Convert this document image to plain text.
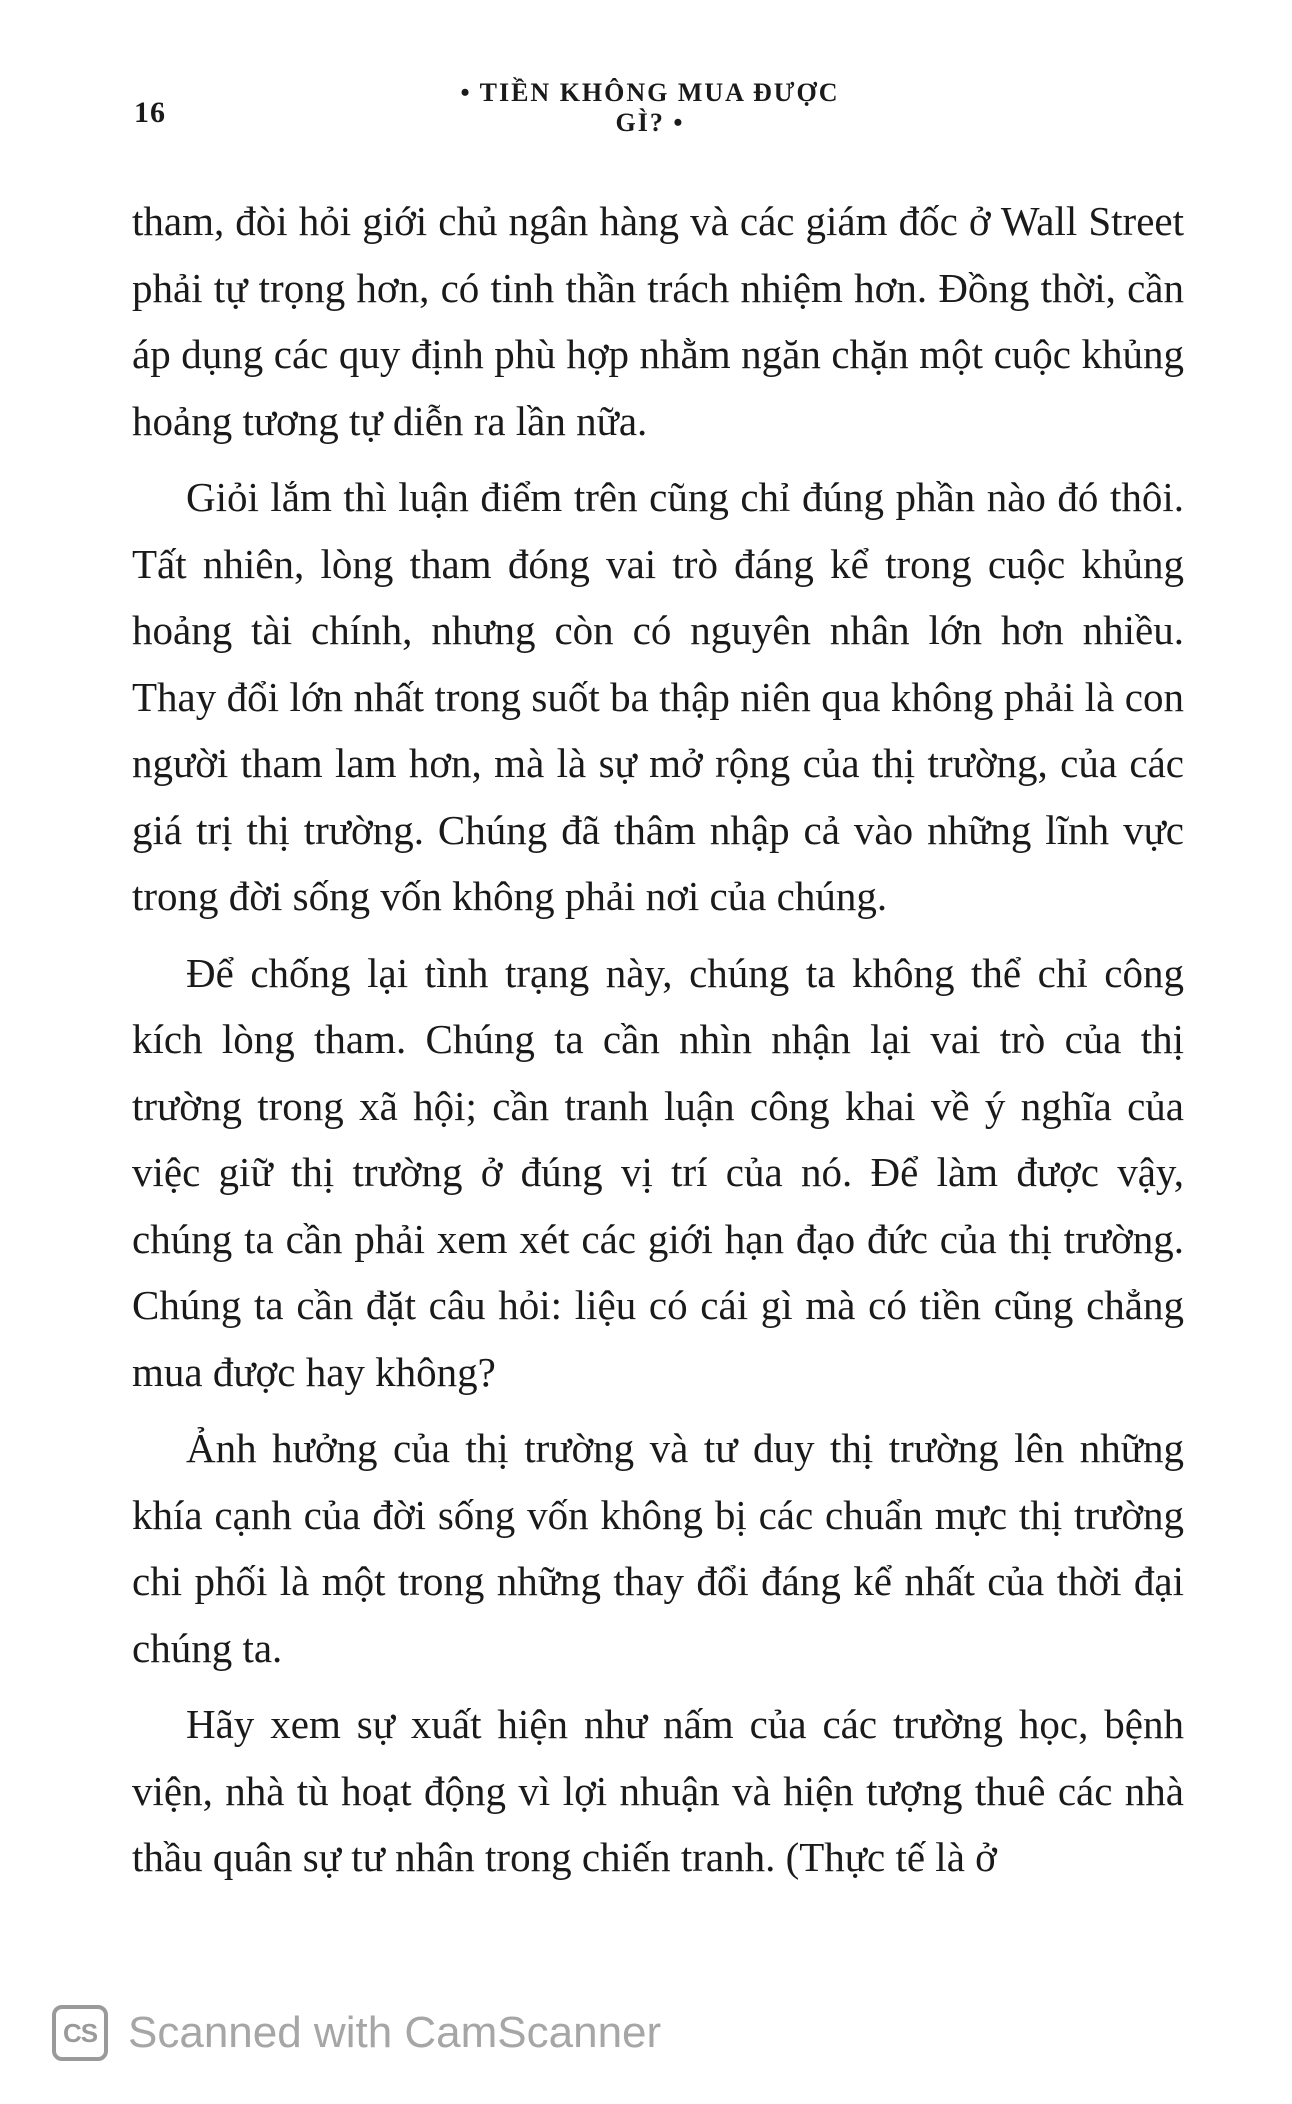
16
• TIỀN KHÔNG MUA ĐƯỢC GÌ? •

tham, đòi hỏi giới chủ ngân hàng và các giám đốc ở Wall Street phải tự trọng hơn, có tinh thần trách nhiệm hơn. Đồng thời, cần áp dụng các quy định phù hợp nhằm ngăn chặn một cuộc khủng hoảng tương tự diễn ra lần nữa.

Giỏi lắm thì luận điểm trên cũng chỉ đúng phần nào đó thôi. Tất nhiên, lòng tham đóng vai trò đáng kể trong cuộc khủng hoảng tài chính, nhưng còn có nguyên nhân lớn hơn nhiều. Thay đổi lớn nhất trong suốt ba thập niên qua không phải là con người tham lam hơn, mà là sự mở rộng của thị trường, của các giá trị thị trường. Chúng đã thâm nhập cả vào những lĩnh vực trong đời sống vốn không phải nơi của chúng.

Để chống lại tình trạng này, chúng ta không thể chỉ công kích lòng tham. Chúng ta cần nhìn nhận lại vai trò của thị trường trong xã hội; cần tranh luận công khai về ý nghĩa của việc giữ thị trường ở đúng vị trí của nó. Để làm được vậy, chúng ta cần phải xem xét các giới hạn đạo đức của thị trường. Chúng ta cần đặt câu hỏi: liệu có cái gì mà có tiền cũng chẳng mua được hay không?

Ảnh hưởng của thị trường và tư duy thị trường lên những khía cạnh của đời sống vốn không bị các chuẩn mực thị trường chi phối là một trong những thay đổi đáng kể nhất của thời đại chúng ta.

Hãy xem sự xuất hiện như nấm của các trường học, bệnh viện, nhà tù hoạt động vì lợi nhuận và hiện tượng thuê các nhà thầu quân sự tư nhân trong chiến tranh. (Thực tế là ở

CS Scanned with CamScanner
